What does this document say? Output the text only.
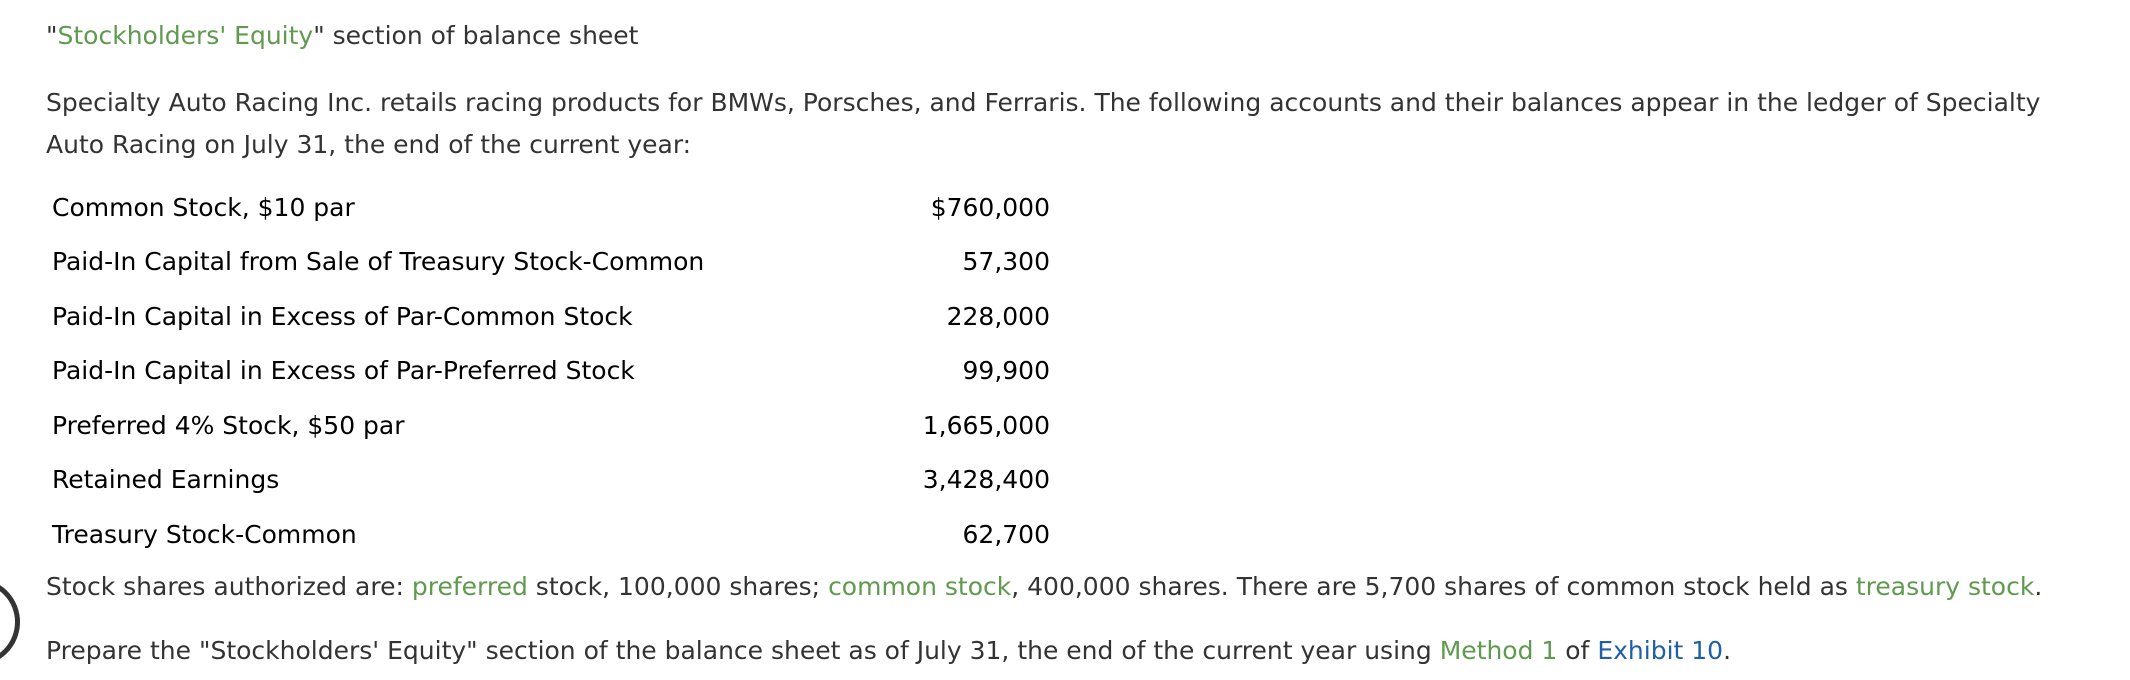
"Stockholders' Equity" section of balance sheet
Specialty Auto Racing Inc. retails racing products for BMWs, Porsches, and Ferraris. The following accounts and their balances appear in the ledger of Specialty Auto Racing on July 31, the end of the current year:
Common Stock, $10 par	$760,000
Paid-In Capital from Sale of Treasury Stock-Common	57,300
Paid-In Capital in Excess of Par-Common Stock	228,000
Paid-In Capital in Excess of Par-Preferred Stock	99,900
Preferred 4% Stock, $50 par	1,665,000
Retained Earnings	3,428,400
Treasury Stock-Common	62,700
Stock shares authorized are: preferred stock, 100,000 shares; common stock, 400,000 shares. There are 5,700 shares of common stock held as treasury stock.
Prepare the "Stockholders' Equity" section of the balance sheet as of July 31, the end of the current year using Method 1 of Exhibit 10.
